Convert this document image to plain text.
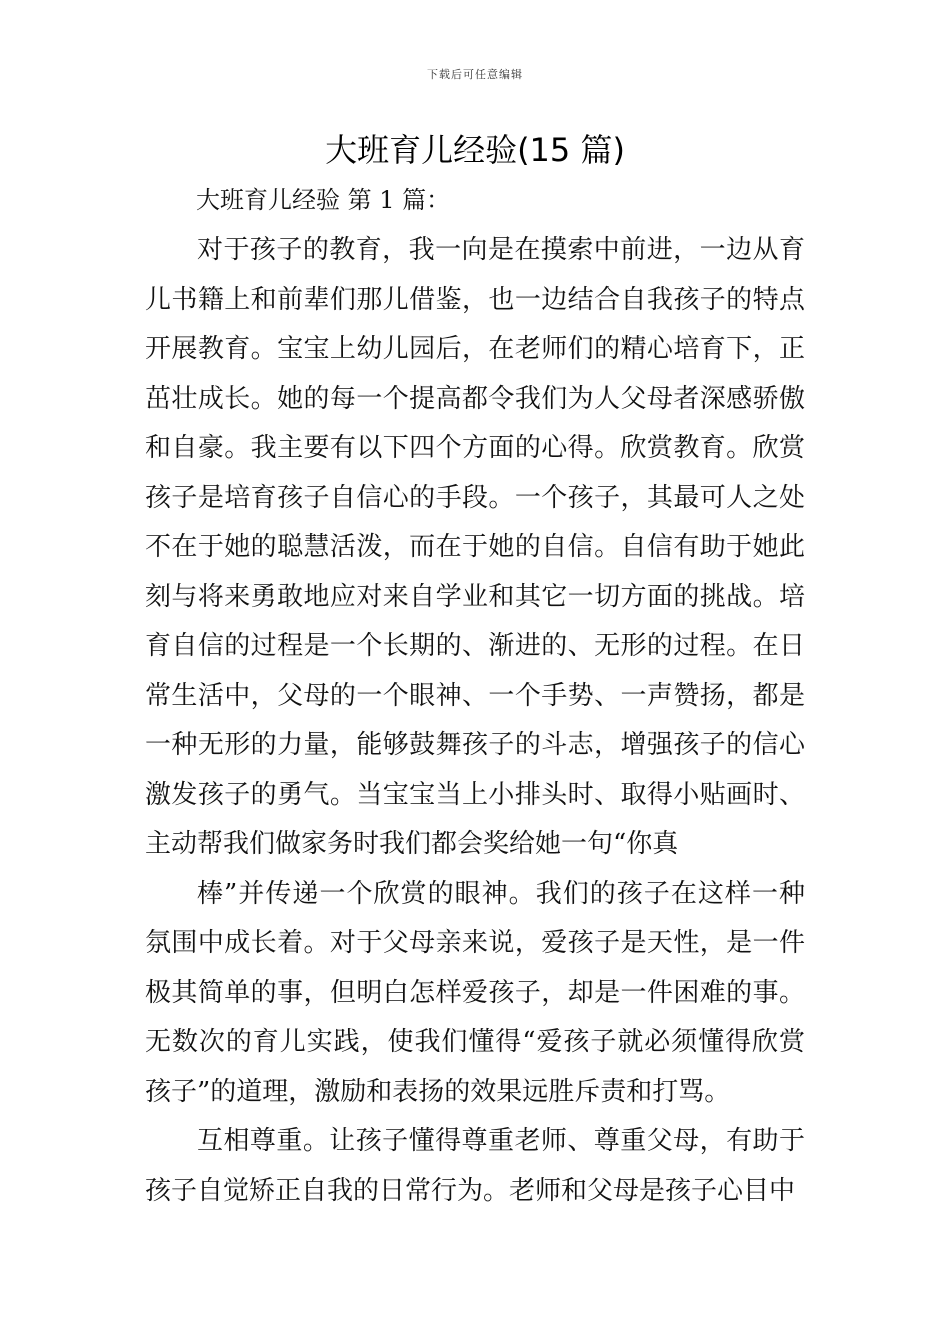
下载后可任意编辑
大班育儿经验(15 篇)
大班育儿经验 第 1 篇：

对于孩子的教育，我一向是在摸索中前进，一边从育儿书籍上和前辈们那儿借鉴，也一边结合自我孩子的特点开展教育。宝宝上幼儿园后，在老师们的精心培育下，正茁壮成长。她的每一个提高都令我们为人父母者深感骄傲和自豪。我主要有以下四个方面的心得。欣赏教育。欣赏孩子是培育孩子自信心的手段。一个孩子，其最可人之处不在于她的聪慧活泼，而在于她的自信。自信有助于她此刻与将来勇敢地应对来自学业和其它一切方面的挑战。培育自信的过程是一个长期的、渐进的、无形的过程。在日常生活中，父母的一个眼神、一个手势、一声赞扬，都是一种无形的力量，能够鼓舞孩子的斗志，增强孩子的信心激发孩子的勇气。当宝宝当上小排头时、取得小贴画时、主动帮我们做家务时我们都会奖给她一句“你真

棒”并传递一个欣赏的眼神。我们的孩子在这样一种氛围中成长着。对于父母亲来说，爱孩子是天性，是一件极其简单的事，但明白怎样爱孩子，却是一件困难的事。无数次的育儿实践，使我们懂得“爱孩子就必须懂得欣赏孩子”的道理，激励和表扬的效果远胜斥责和打骂。

互相尊重。让孩子懂得尊重老师、尊重父母，有助于孩子自觉矫正自我的日常行为。老师和父母是孩子心目中
